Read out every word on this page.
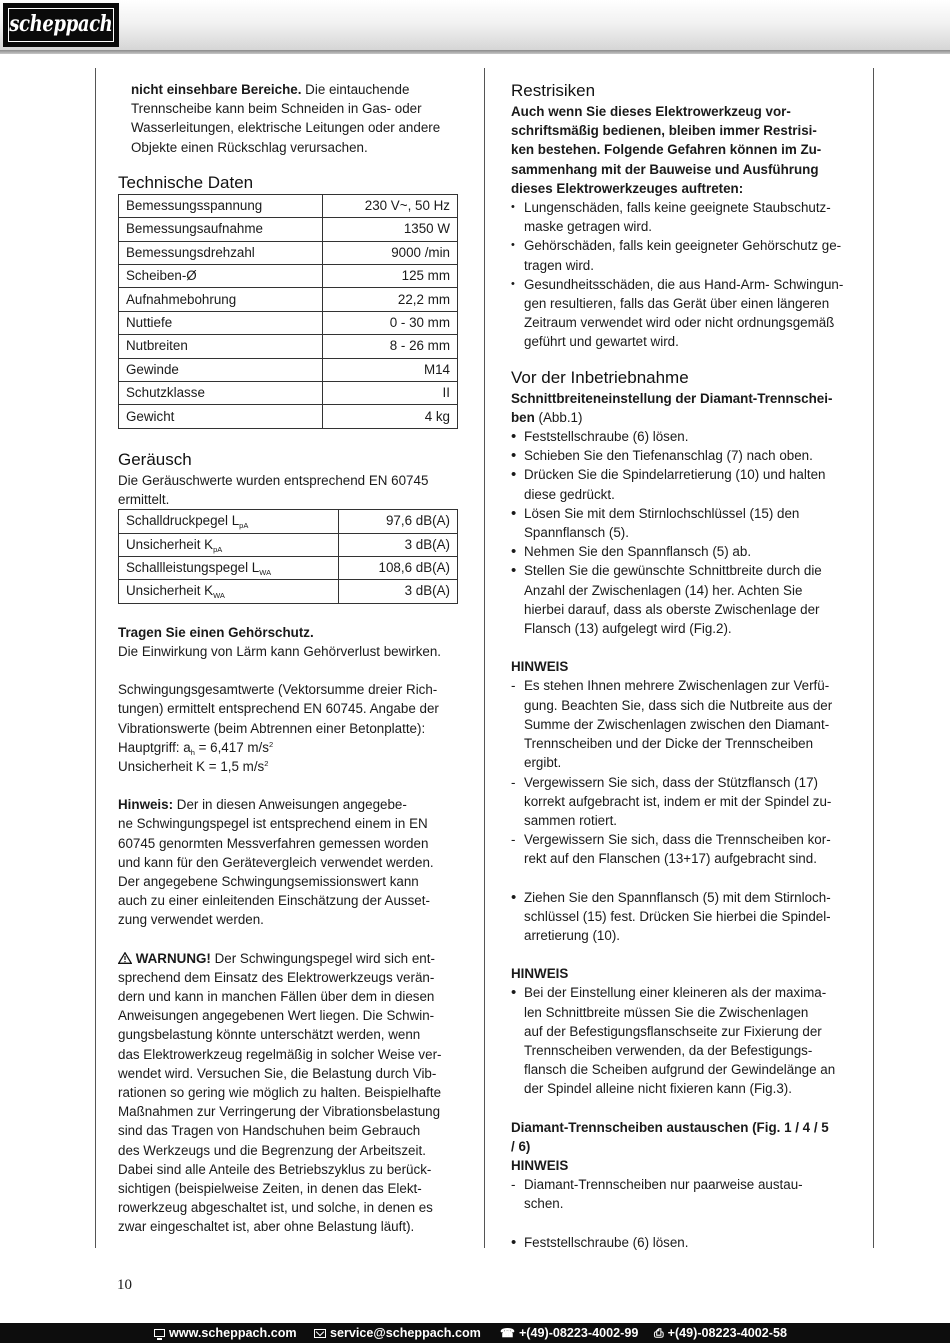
scheppach
nicht einsehbare Bereiche. Die eintauchende
Trennscheibe kann beim Schneiden in Gas- oder
Wasserleitungen, elektrische Leitungen oder andere
Objekte einen Rückschlag verursachen.
Technische Daten
Bemessungsspannung	230 V~, 50 Hz
Bemessungsaufnahme	1350 W
Bemessungsdrehzahl	9000 /min
Scheiben-Ø	125 mm
Aufnahmebohrung	22,2 mm
Nuttiefe	0 - 30 mm
Nutbreiten	8 - 26 mm
Gewinde	M14
Schutzklasse	II
Gewicht	4 kg
Geräusch
Die Geräuschwerte wurden entsprechend EN 60745
ermittelt.
Schalldruckpegel $L_{pA}$	97,6 dB(A)
Unsicherheit $K_{pA}$	3 dB(A)
Schallleistungspegel $L_{WA}$	108,6 dB(A)
Unsicherheit $K_{WA}$	3 dB(A)
Tragen Sie einen Gehörschutz.
Die Einwirkung von Lärm kann Gehörverlust bewirken.
Schwingungsgesamtwerte (Vektorsumme dreier Rich-
tungen) ermittelt entsprechend EN 60745. Angabe der
Vibrationswerte (beim Abtrennen einer Betonplatte):
Hauptgriff: $a_h = 6,417$ $m/s^2$
Unsicherheit K = 1,5 $m/s^2$
Hinweis: Der in diesen Anweisungen angegebe-
ne Schwingungspegel ist entsprechend einem in EN
60745 genormten Messverfahren gemessen worden
und kann für den Gerätevergleich verwendet werden.
Der angegebene Schwingungsemissionswert kann
auch zu einer einleitenden Einschätzung der Ausset-
zung verwendet werden.
WARNUNG! Der Schwingungspegel wird sich ent-
sprechend dem Einsatz des Elektrowerkzeugs verän-
dern und kann in manchen Fällen über dem in diesen
Anweisungen angegebenen Wert liegen. Die Schwin-
gungsbelastung könnte unterschätzt werden, wenn
das Elektrowerkzeug regelmäßig in solcher Weise ver-
wendet wird. Versuchen Sie, die Belastung durch Vib-
rationen so gering wie möglich zu halten. Beispielhafte
Maßnahmen zur Verringerung der Vibrationsbelastung
sind das Tragen von Handschuhen beim Gebrauch
des Werkzeugs und die Begrenzung der Arbeitszeit.
Dabei sind alle Anteile des Betriebszyklus zu berück-
sichtigen (beispielweise Zeiten, in denen das Elekt-
rowerkzeug abgeschaltet ist, und solche, in denen es
zwar eingeschaltet ist, aber ohne Belastung läuft).
Restrisiken
Auch wenn Sie dieses Elektrowerkzeug vor-
schriftsmäßig bedienen, bleiben immer Restrisi-
ken bestehen. Folgende Gefahren können im Zu-
sammenhang mit der Bauweise und Ausführung
dieses Elektrowerkzeuges auftreten:
• Lungenschäden, falls keine geeignete Staubschutz-
maske getragen wird.
• Gehörschäden, falls kein geeigneter Gehörschutz ge-
tragen wird.
• Gesundheitsschäden, die aus Hand-Arm- Schwingun-
gen resultieren, falls das Gerät über einen längeren
Zeitraum verwendet wird oder nicht ordnungsgemäß
geführt und gewartet wird.
Vor der Inbetriebnahme
Schnittbreiteneinstellung der Diamant-Trennschei-
ben (Abb.1)
• Feststellschraube (6) lösen.
• Schieben Sie den Tiefenanschlag (7) nach oben.
• Drücken Sie die Spindelarretierung (10) und halten
diese gedrückt.
• Lösen Sie mit dem Stirnlochschlüssel (15) den
Spannflansch (5).
• Nehmen Sie den Spannflansch (5) ab.
• Stellen Sie die gewünschte Schnittbreite durch die
Anzahl der Zwischenlagen (14) her. Achten Sie
hierbei darauf, dass als oberste Zwischenlage der
Flansch (13) aufgelegt wird (Fig.2).
HINWEIS
- Es stehen Ihnen mehrere Zwischenlagen zur Verfü-
gung. Beachten Sie, dass sich die Nutbreite aus der
Summe der Zwischenlagen zwischen den Diamant-
Trennscheiben und der Dicke der Trennscheiben
ergibt.
- Vergewissern Sie sich, dass der Stützflansch (17)
korrekt aufgebracht ist, indem er mit der Spindel zu-
sammen rotiert.
- Vergewissern Sie sich, dass die Trennscheiben kor-
rekt auf den Flanschen (13+17) aufgebracht sind.
• Ziehen Sie den Spannflansch (5) mit dem Stirnloch-
schlüssel (15) fest. Drücken Sie hierbei die Spindel-
arretierung (10).
HINWEIS
• Bei der Einstellung einer kleineren als der maxima-
len Schnittbreite müssen Sie die Zwischenlagen
auf der Befestigungsflanschseite zur Fixierung der
Trennscheiben verwenden, da der Befestigungs-
flansch die Scheiben aufgrund der Gewindelänge an
der Spindel alleine nicht fixieren kann (Fig.3).
Diamant-Trennscheiben austauschen (Fig. 1 / 4 / 5
/ 6)
HINWEIS
- Diamant-Trennscheiben nur paarweise austau-
schen.
• Feststellschraube (6) lösen.
10
www.scheppach.com	service@scheppach.com ☎ +(49)-08223-4002-99 ⎙ +(49)-08223-4002-58
